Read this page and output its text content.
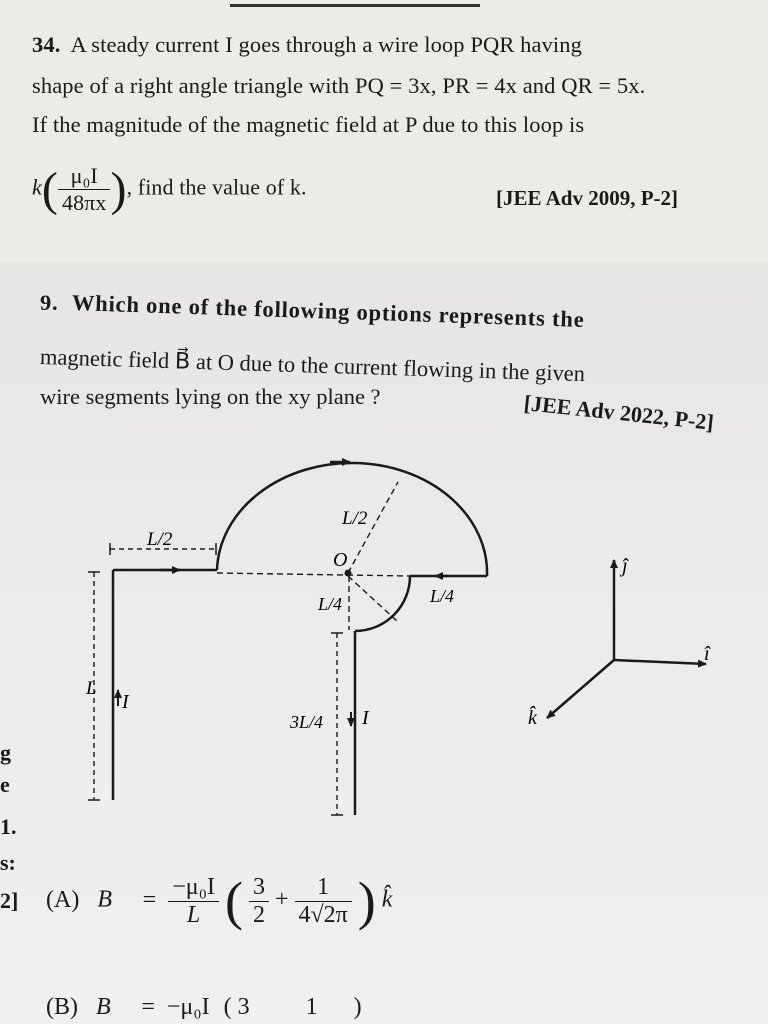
34. A steady current I goes through a wire loop PQR having
shape of a right angle triangle with PQ = 3x, PR = 4x and QR = 5x.
If the magnitude of the magnetic field at P due to this loop is
$k( \frac{\text{μ₀I}}{48\pi x}$ ), find the value of k.	[JEE Adv 2009, P-2]
9. Which one of the following options represents the
magnetic field B⃗ at O due to the current flowing in the given
wire segments lying on the xy plane ?	[JEE Adv 2022, P-2]
g
e
1.
s:
2]
L/2
L/2
O
L/4	L/4
L
I
3L/4 I
ĵ
î
k̂
(A) B⃗ = $\frac{\text{−μ₀I}}{L}$ ( $\frac{3}{2} + \frac{1}{4√2\pi}$ ) k̂
(B) B⃗ = −μ₀I ( 3 1 )
